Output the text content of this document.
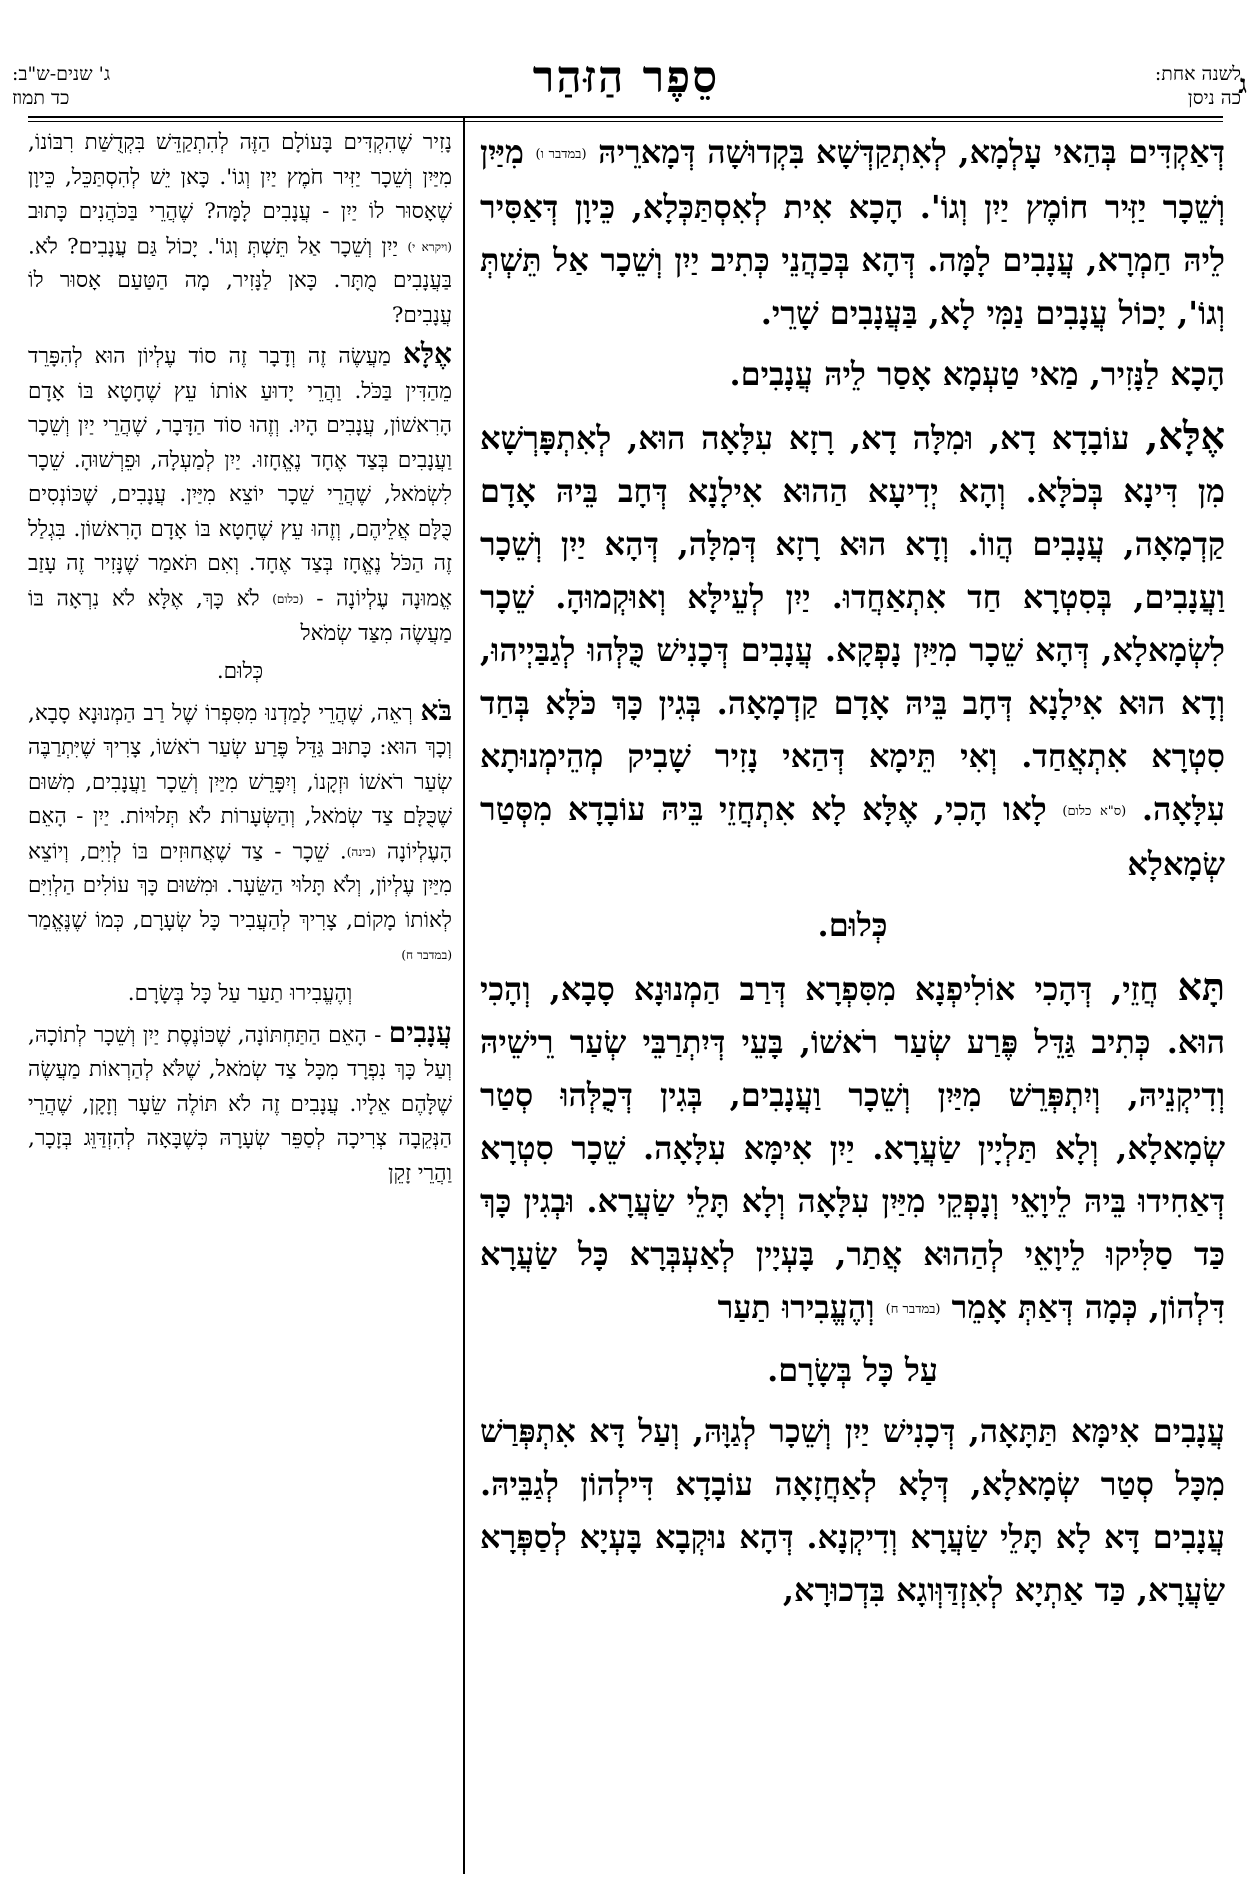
ג
לשנה אחת:
כה ניסן
סֵפֶר הַזּהַר
ג' שנים-ש"ב:
כד תמוז

דְּאַקְדִּים בְּהַאי עָלְמָא, לְאִתְקַדְּשָׁא בִּקְדוּשָׁה דְּמָארֵיהּ (במדבר ו) מִיַּיִן וְשֵׁכָר יַזִּיר חוֹמֶץ יַיִן וְגוֹ'. הָכָא אִית לְאִסְתַּכְּלָא, כֵּיוָן דְּאַסִּיר לֵיהּ חַמְרָא, עֲנָבִים לָמָּה. דְּהָא בְּכַהֲנֵי כְּתִיב יַיִן וְשֵׁכָר אַל תֵּשְׁתְּ וְגוֹ', יָכוֹל עֲנָבִים נַמִּי לָא, בַּעֲנָבִים שָׁרֵי.

הָכָא לַנָּזִיר, מַאי טַעְמָא אָסַר לֵיהּ עֲנָבִים.

אֶלָּא, עוֹבָדָא דָא, וּמִלָּה דָא, רָזָא עִלָּאָה הוּא, לְאִתְפָּרְשָׁא מִן דִּינָא בְּכֹלָּא. וְהָא יְדִיעָא הַהוּא אִילָנָא דְּחָב בֵּיהּ אָדָם קַדְמָאָה, עֲנָבִים הֲווֹ. וְדָא הוּא רָזָא דְּמִלָּה, דְּהָא יַיִן וְשֵׁכָר וַעֲנָבִים, בְּסִטְרָא חַד אִתְאַחֲדוּ. יַיִן לְעֵילָּא וְאוּקְמוּהָ. שֵׁכָר לִשְׂמָאלָא, דְּהָא שֵׁכָר מִיַּיִן נָפְקָא. עֲנָבִים דְּכָנִישׁ כֻּלְּהוּ לְגַבַּיְיהוּ, וְדָא הוּא אִילָנָא דְּחָב בֵּיהּ אָדָם קַדְמָאָה. בְּגִין כָּךְ כֹּלָּא בְּחַד סִטְרָא אִתְאֲחַד. וְאִי תֵּימָא דְּהַאי נָזִיר שָׁבִיק מְהֵימְנוּתָא עִלָּאָה. (ס"א כלום) לָאו הָכִי, אֶלָּא לָא אִתְחֲזֵי בֵּיהּ עוֹבָדָא מִסְּטַר שְׂמָאלָא

כְּלוּם.

תָּא חֲזֵי, דְּהָכִי אוֹלִיפְנָא מִסִּפְרָא דְּרַב הַמְנוּנָא סָבָא, וְהָכִי הוּא. כְּתִיב גַּדֵּל פֶּרַע שְׂעַר רֹאשׁוֹ, בָּעֵי דְּיִתְרַבֵּי שְׂעַר רֵישֵׁיהּ וְדִיקְנֵיהּ, וְיִתְפְּרֵשׁ מִיַּיִן וְשֵׁכָר וַעֲנָבִים, בְּגִין דְּכֻלְּהוּ סְטַר שְׂמָאלָא, וְלָא תַּלְיָין שַׂעֲרָא. יַיִן אִימָּא עִלָּאָה. שֵׁכָר סִטְרָא דְּאַחִידוּ בֵּיהּ לֵיוָאֵי וְנָפְקֵי מִיַּיִן עִלָּאָה וְלָא תָּלֵי שַׂעֲרָא. וּבְגִין כָּךְ כַּד סַלִּיקוּ לֵיוָאֵי לְהַהוּא אֲתַר, בָּעְיָין לְאַעְבְּרָא כָּל שַׂעֲרָא דִּלְהוֹן, כְּמָה דְּאַתְּ אָמֵר (במדבר ח) וְהֶעֱבִירוּ תַעַר

עַל כָּל בְּשָׂרָם.

עֲנָבִים אִימָּא תַּתָּאָה, דְּכָנִישׁ יַיִן וְשֵׁכָר לְגַוָּהּ, וְעַל דָּא אִתְפְּרַשׁ מִכָּל סְטַר שְׂמָאלָא, דְּלָא לְאַחֲזָאָה עוֹבָדָא דִּילְהוֹן לְגַבֵּיהּ. עֲנָבִים דָּא לָא תָּלֵי שַׂעֲרָא וְדִיקְנָא. דְּהָא נוּקְבָא בָּעְיָא לְסַפְּרָא שַׂעֲרָא, כַּד אַתְיָא לְאִזְדַּוְּוגָא בִּדְכוּרָא,

נָזִיר שֶׁהִקְדִּים בָּעוֹלָם הַזֶּה לְהִתְקַדֵּשׁ בִּקְדֻשַּׁת רִבּוֹנוֹ, מִיַּיִן וְשֵׁכָר יַזִּיר חֹמֶץ יַיִן וְגוֹ'. כָּאן יֵשׁ לְהִסְתַּכֵּל, כֵּיוָן שֶׁאָסוּר לוֹ יַיִן - עֲנָבִים לָמָּה? שֶׁהֲרֵי בַּכֹּהֲנִים כָּתוּב (ויקרא י) יַיִן וְשֵׁכָר אַל תֵּשְׁתְּ וְגוֹ'. יָכוֹל גַּם עֲנָבִים? לֹא. בַּעֲנָבִים מֻתָּר. כָּאן לַנָּזִיר, מָה הַטַּעַם אָסוּר לוֹ עֲנָבִים?

אֶלָּא מַעֲשֶׂה זֶה וְדָבָר זֶה סוֹד עֶלְיוֹן הוּא לְהִפָּרֵד מֵהַדִּין בַּכֹּל. וַהֲרֵי יָדוּעַ אוֹתוֹ עֵץ שֶׁחָטָא בּוֹ אָדָם הָרִאשׁוֹן, עֲנָבִים הָיוּ. וְזֶהוּ סוֹד הַדָּבָר, שֶׁהֲרֵי יַיִן וְשֵׁכָר וַעֲנָבִים בְּצַד אֶחָד נֶאֱחָזוּ. יַיִן לְמַעְלָה, וּפֵרְשׁוּהָ. שֵׁכָר לִשְׂמֹאל, שֶׁהֲרֵי שֵׁכָר יוֹצֵא מִיַּיִן. עֲנָבִים, שֶׁכּוֹנְסִים כֻּלָּם אֲלֵיהֶם, וְזֶהוּ עֵץ שֶׁחָטָא בּוֹ אָדָם הָרִאשׁוֹן. בִּגְלַל זֶה הַכֹּל נֶאֱחָז בְּצַד אֶחָד. וְאִם תֹּאמַר שֶׁנָּזִיר זֶה עָזַב אֱמוּנָה עֶלְיוֹנָה - (כלום) לֹא כָּךְ, אֶלָּא לֹא נִרְאָה בּוֹ מַעֲשֶׂה מִצַּד שְׂמֹאל

כְּלוּם.

בֹּא רְאֵה, שֶׁהֲרֵי לָמַדְנוּ מִסִּפְרוֹ שֶׁל רַב הַמְנוּנָא סָבָא, וְכָךְ הוּא: כָּתוּב גַּדֵּל פֶּרַע שְׂעַר רֹאשׁוֹ, צָרִיךְ שֶׁיִּתְרַבֶּה שְׂעַר רֹאשׁוֹ וּזְקָנוֹ, וְיִפָּרֵשׁ מִיַּיִן וְשֵׁכָר וַעֲנָבִים, מִשּׁוּם שֶׁכֻּלָּם צַד שְׂמֹאל, וְהַשְּׂעָרוֹת לֹא תְּלוּיוֹת. יַיִן - הָאֵם הָעֶלְיוֹנָה (בינה). שֵׁכָר - צַד שֶׁאֲחוּזִים בּוֹ לְוִיִּם, וְיוֹצֵא מִיַּיִן עֶלְיוֹן, וְלֹא תָּלוּי הַשֵּׂעָר. וּמִשּׁוּם כָּךְ עוֹלִים הַלְוִיִּם לְאוֹתוֹ מָקוֹם, צָרִיךְ לְהַעֲבִיר כָּל שְׂעָרָם, כְּמוֹ שֶׁנֶּאֱמַר (במדבר ח)

וְהֶעֱבִירוּ תַעַר עַל כָּל בְּשָׂרָם.

עֲנָבִים - הָאֵם הַתַּחְתּוֹנָה, שֶׁכּוֹנֶסֶת יַיִן וְשֵׁכָר לְתוֹכָהּ, וְעַל כָּךְ נִפְרָד מִכָּל צַד שְׂמֹאל, שֶׁלֹּא לְהַרְאוֹת מַעֲשֶׂה שֶׁלָּהֶם אֵלָיו. עֲנָבִים זֶה לֹא תּוֹלֶה שֵׂעָר וְזָקָן, שֶׁהֲרֵי הַנְּקֵבָה צְרִיכָה לְסַפֵּר שְׂעָרָהּ כְּשֶׁבָּאָה לְהִזְדַּוֵּג בְּזָכָר, וַהֲרֵי זָקֵן
